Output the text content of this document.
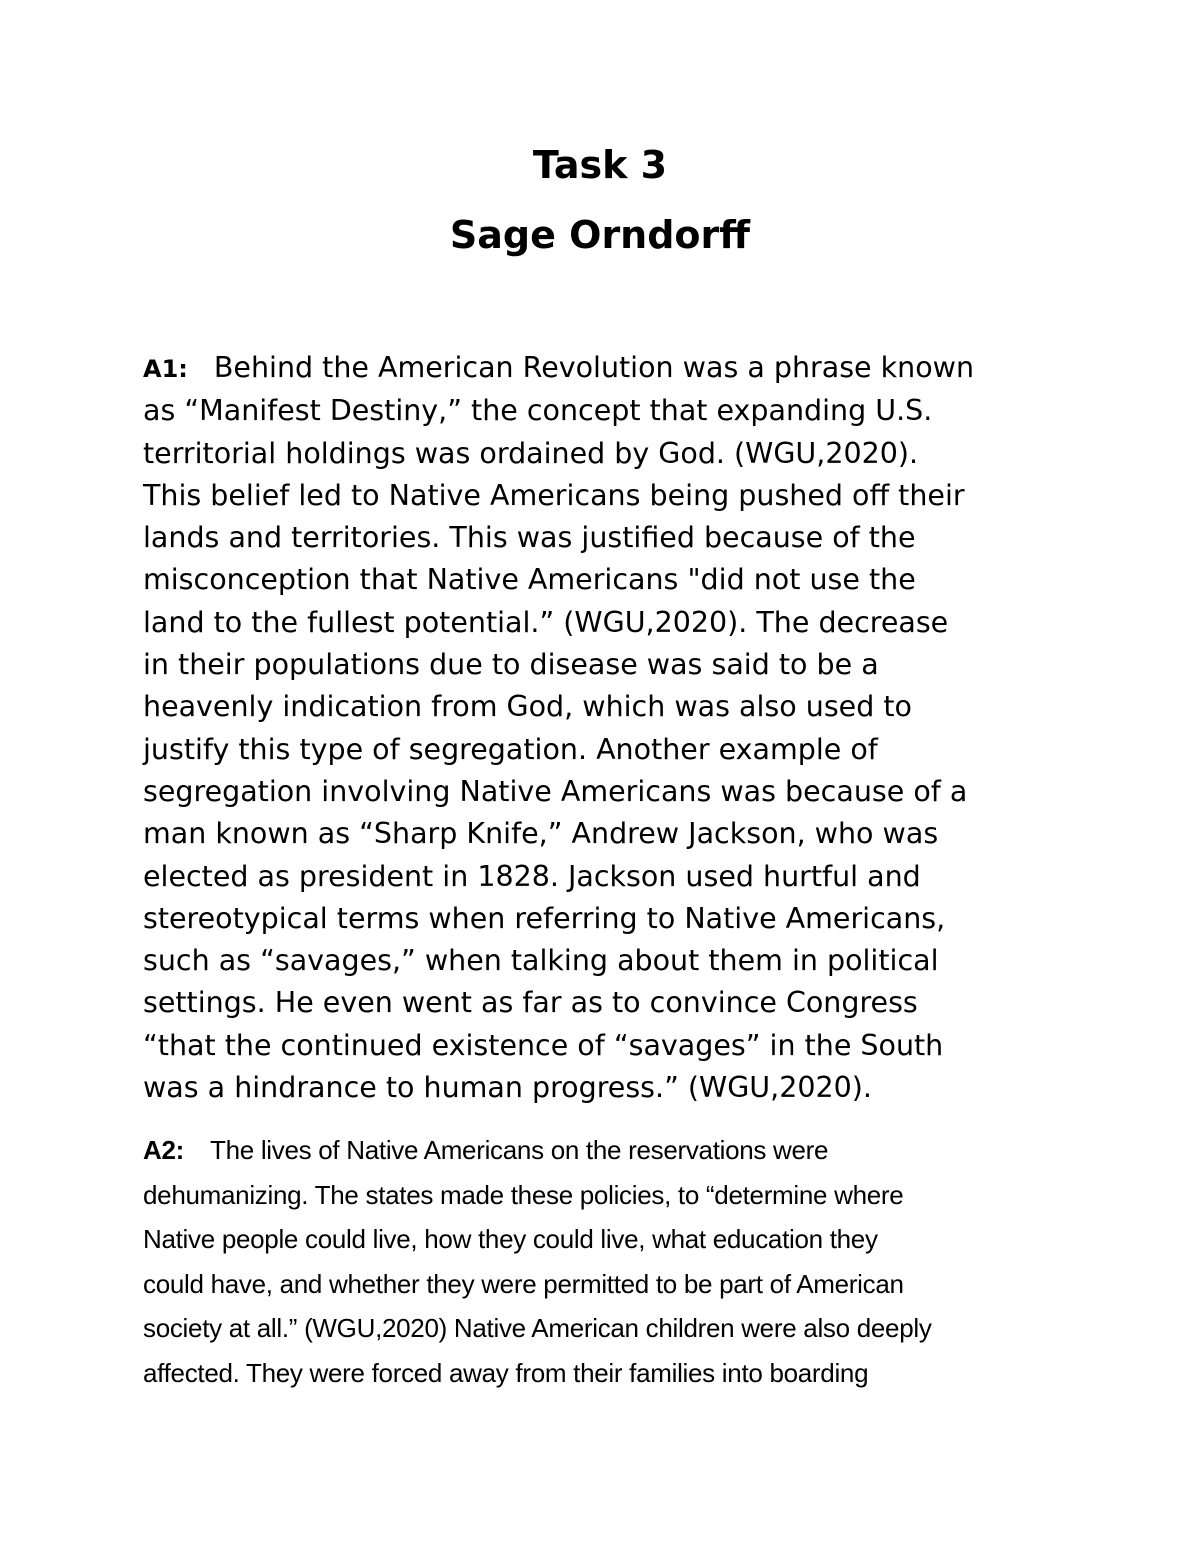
Task 3
Sage Orndorff
A1: Behind the American Revolution was a phrase known
as “Manifest Destiny,” the concept that expanding U.S.
territorial holdings was ordained by God. (WGU,2020).
This belief led to Native Americans being pushed off their
lands and territories. This was justified because of the
misconception that Native Americans "did not use the
land to the fullest potential.” (WGU,2020). The decrease
in their populations due to disease was said to be a
heavenly indication from God, which was also used to
justify this type of segregation. Another example of
segregation involving Native Americans was because of a
man known as “Sharp Knife,” Andrew Jackson, who was
elected as president in 1828. Jackson used hurtful and
stereotypical terms when referring to Native Americans,
such as “savages,” when talking about them in political
settings. He even went as far as to convince Congress
“that the continued existence of “savages” in the South
was a hindrance to human progress.” (WGU,2020).
A2: The lives of Native Americans on the reservations were
dehumanizing. The states made these policies, to “determine where
Native people could live, how they could live, what education they
could have, and whether they were permitted to be part of American
society at all.” (WGU,2020) Native American children were also deeply
affected. They were forced away from their families into boarding
